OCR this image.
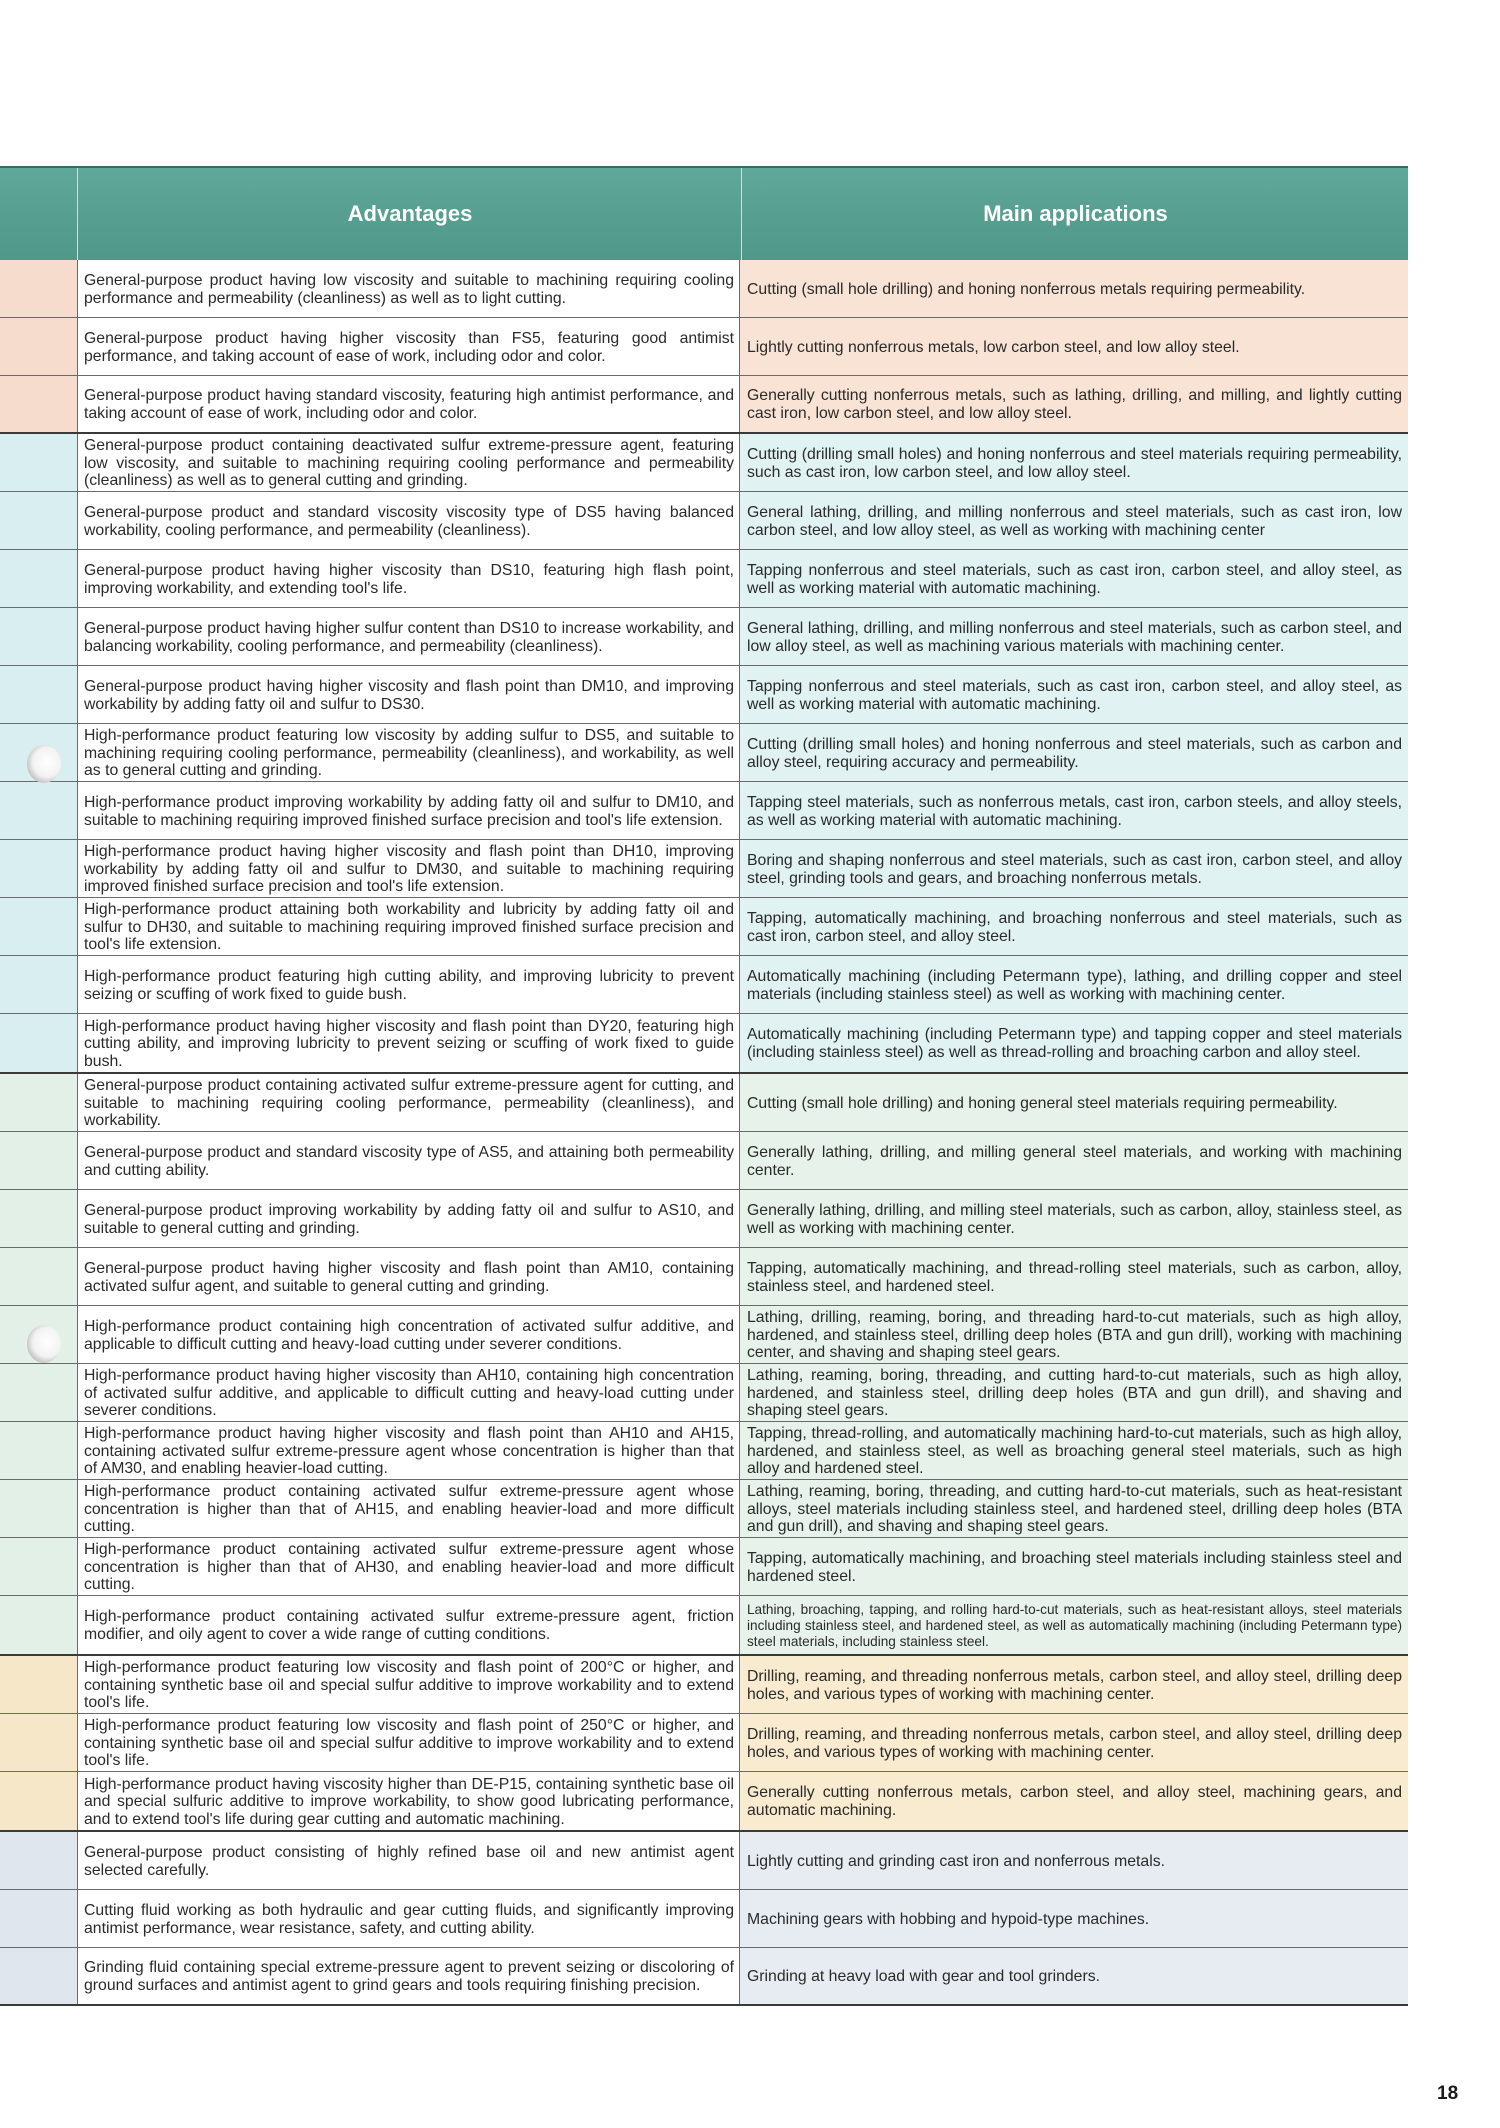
Advantages	Main applications
General-purpose product having low viscosity and suitable to machining requiring cooling performance and permeability (cleanliness) as well as to light cutting.
Cutting (small hole drilling) and honing nonferrous metals requiring permeability.
General-purpose product having higher viscosity than FS5, featuring good antimist performance, and taking account of ease of work, including odor and color.
Lightly cutting nonferrous metals, low carbon steel, and low alloy steel.
General-purpose product having standard viscosity, featuring high antimist performance, and taking account of ease of work, including odor and color.
Generally cutting nonferrous metals, such as lathing, drilling, and milling, and lightly cutting cast iron, low carbon steel, and low alloy steel.
General-purpose product containing deactivated sulfur extreme-pressure agent, featuring low viscosity, and suitable to machining requiring cooling performance and permeability (cleanliness) as well as to general cutting and grinding.
Cutting (drilling small holes) and honing nonferrous and steel materials requiring permeability, such as cast iron, low carbon steel, and low alloy steel.
General-purpose product and standard viscosity viscosity type of DS5 having balanced workability, cooling performance, and permeability (cleanliness).
General lathing, drilling, and milling nonferrous and steel materials, such as cast iron, low carbon steel, and low alloy steel, as well as working with machining center
General-purpose product having higher viscosity than DS10, featuring high flash point, improving workability, and extending tool's life.
Tapping nonferrous and steel materials, such as cast iron, carbon steel, and alloy steel, as well as working material with automatic machining.
General-purpose product having higher sulfur content than DS10 to increase workability, and balancing workability, cooling performance, and permeability (cleanliness).
General lathing, drilling, and milling nonferrous and steel materials, such as carbon steel, and low alloy steel, as well as machining various materials with machining center.
General-purpose product having higher viscosity and flash point than DM10, and improving workability by adding fatty oil and sulfur to DS30.
Tapping nonferrous and steel materials, such as cast iron, carbon steel, and alloy steel, as well as working material with automatic machining.
High-performance product featuring low viscosity by adding sulfur to DS5, and suitable to machining requiring cooling performance, permeability (cleanliness), and workability, as well as to general cutting and grinding.
Cutting (drilling small holes) and honing nonferrous and steel materials, such as carbon and alloy steel, requiring accuracy and permeability.
High-performance product improving workability by adding fatty oil and sulfur to DM10, and suitable to machining requiring improved finished surface precision and tool's life extension.
Tapping steel materials, such as nonferrous metals, cast iron, carbon steels, and alloy steels, as well as working material with automatic machining.
High-performance product having higher viscosity and flash point than DH10, improving workability by adding fatty oil and sulfur to DM30, and suitable to machining requiring improved finished surface precision and tool's life extension.
Boring and shaping nonferrous and steel materials, such as cast iron, carbon steel, and alloy steel, grinding tools and gears, and broaching nonferrous metals.
High-performance product attaining both workability and lubricity by adding fatty oil and sulfur to DH30, and suitable to machining requiring improved finished surface precision and tool's life extension.
Tapping, automatically machining, and broaching nonferrous and steel materials, such as cast iron, carbon steel, and alloy steel.
High-performance product featuring high cutting ability, and improving lubricity to prevent seizing or scuffing of work fixed to guide bush.
Automatically machining (including Petermann type), lathing, and drilling copper and steel materials (including stainless steel) as well as working with machining center.
High-performance product having higher viscosity and flash point than DY20, featuring high cutting ability, and improving lubricity to prevent seizing or scuffing of work fixed to guide bush.
Automatically machining (including Petermann type) and tapping copper and steel materials (including stainless steel) as well as thread-rolling and broaching carbon and alloy steel.
General-purpose product containing activated sulfur extreme-pressure agent for cutting, and suitable to machining requiring cooling performance, permeability (cleanliness), and workability.
Cutting (small hole drilling) and honing general steel materials requiring permeability.
General-purpose product and standard viscosity type of AS5, and attaining both permeability and cutting ability.
Generally lathing, drilling, and milling general steel materials, and working with machining center.
General-purpose product improving workability by adding fatty oil and sulfur to AS10, and suitable to general cutting and grinding.
Generally lathing, drilling, and milling steel materials, such as carbon, alloy, stainless steel, as well as working with machining center.
General-purpose product having higher viscosity and flash point than AM10, containing activated sulfur agent, and suitable to general cutting and grinding.
Tapping, automatically machining, and thread-rolling steel materials, such as carbon, alloy, stainless steel, and hardened steel.
High-performance product containing high concentration of activated sulfur additive, and applicable to difficult cutting and heavy-load cutting under severer conditions.
Lathing, drilling, reaming, boring, and threading hard-to-cut materials, such as high alloy, hardened, and stainless steel, drilling deep holes (BTA and gun drill), working with machining center, and shaving and shaping steel gears.
High-performance product having higher viscosity than AH10, containing high concentration of activated sulfur additive, and applicable to difficult cutting and heavy-load cutting under severer conditions.
Lathing, reaming, boring, threading, and cutting hard-to-cut materials, such as high alloy, hardened, and stainless steel, drilling deep holes (BTA and gun drill), and shaving and shaping steel gears.
High-performance product having higher viscosity and flash point than AH10 and AH15, containing activated sulfur extreme-pressure agent whose concentration is higher than that of AM30, and enabling heavier-load cutting.
Tapping, thread-rolling, and automatically machining hard-to-cut materials, such as high alloy, hardened, and stainless steel, as well as broaching general steel materials, such as high alloy and hardened steel.
High-performance product containing activated sulfur extreme-pressure agent whose concentration is higher than that of AH15, and enabling heavier-load and more difficult cutting.
Lathing, reaming, boring, threading, and cutting hard-to-cut materials, such as heat-resistant alloys, steel materials including stainless steel, and hardened steel, drilling deep holes (BTA and gun drill), and shaving and shaping steel gears.
High-performance product containing activated sulfur extreme-pressure agent whose concentration is higher than that of AH30, and enabling heavier-load and more difficult cutting.
Tapping, automatically machining, and broaching steel materials including stainless steel and hardened steel.
High-performance product containing activated sulfur extreme-pressure agent, friction modifier, and oily agent to cover a wide range of cutting conditions.
Lathing, broaching, tapping, and rolling hard-to-cut materials, such as heat-resistant alloys, steel materials including stainless steel, and hardened steel, as well as automatically machining (including Petermann type) steel materials, including stainless steel.
High-performance product featuring low viscosity and flash point of 200°C or higher, and containing synthetic base oil and special sulfur additive to improve workability and to extend tool's life.
Drilling, reaming, and threading nonferrous metals, carbon steel, and alloy steel, drilling deep holes, and various types of working with machining center.
High-performance product featuring low viscosity and flash point of 250°C or higher, and containing synthetic base oil and special sulfur additive to improve workability and to extend tool's life.
Drilling, reaming, and threading nonferrous metals, carbon steel, and alloy steel, drilling deep holes, and various types of working with machining center.
High-performance product having viscosity higher than DE-P15, containing synthetic base oil and special sulfuric additive to improve workability, to show good lubricating performance, and to extend tool's life during gear cutting and automatic machining.
Generally cutting nonferrous metals, carbon steel, and alloy steel, machining gears, and automatic machining.
General-purpose product consisting of highly refined base oil and new antimist agent selected carefully.
Lightly cutting and grinding cast iron and nonferrous metals.
Cutting fluid working as both hydraulic and gear cutting fluids, and significantly improving antimist performance, wear resistance, safety, and cutting ability.
Machining gears with hobbing and hypoid-type machines.
Grinding fluid containing special extreme-pressure agent to prevent seizing or discoloring of ground surfaces and antimist agent to grind gears and tools requiring finishing precision.
Grinding at heavy load with gear and tool grinders.
18
